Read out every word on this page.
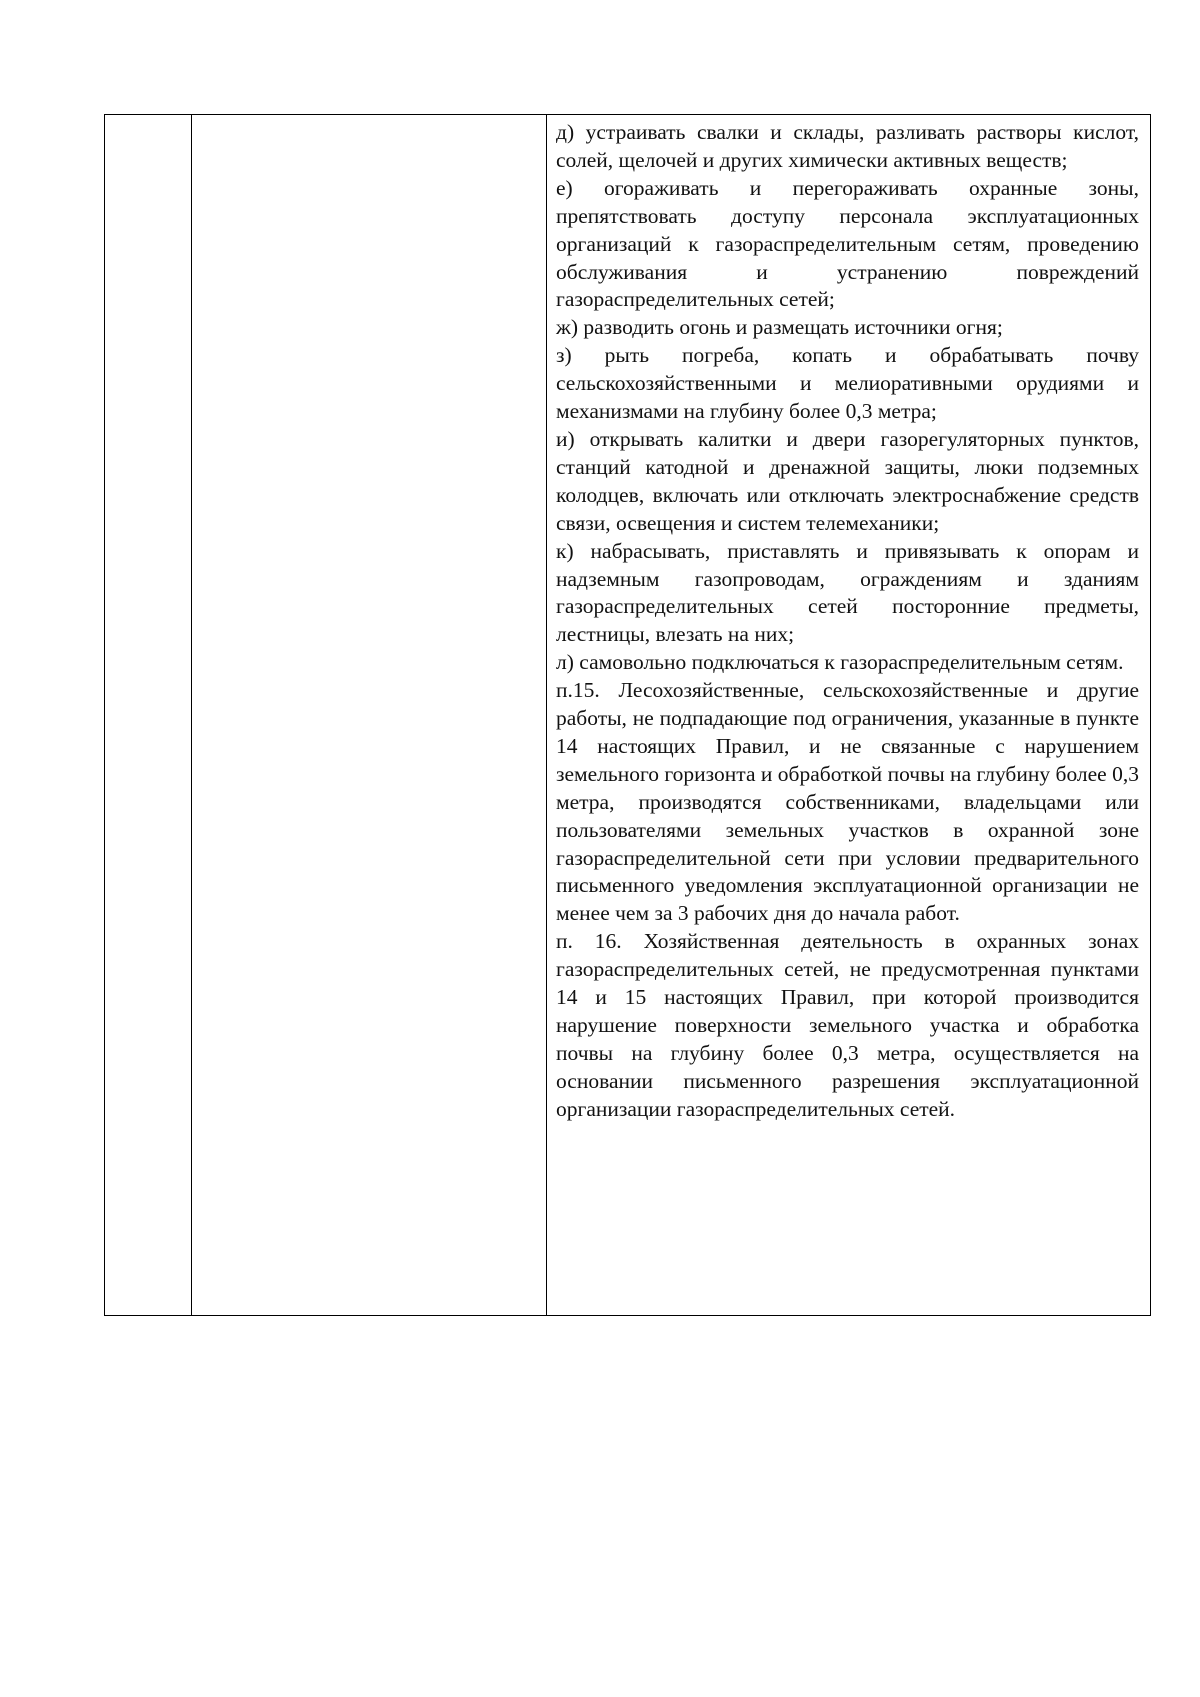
д) устраивать свалки и склады, разливать растворы кислот, солей, щелочей и других химически активных веществ;

е) огораживать и перегораживать охранные зоны, препятствовать доступу персонала эксплуатационных организаций к газораспределительным сетям, проведению обслуживания и устранению повреждений газораспределительных сетей;

ж) разводить огонь и размещать источники огня;

з) рыть погреба, копать и обрабатывать почву сельскохозяйственными и мелиоративными орудиями и механизмами на глубину более 0,3 метра;

и) открывать калитки и двери газорегуляторных пунктов, станций катодной и дренажной защиты, люки подземных колодцев, включать или отключать электроснабжение средств связи, освещения и систем телемеханики;

к) набрасывать, приставлять и привязывать к опорам и надземным газопроводам, ограждениям и зданиям газораспределительных сетей посторонние предметы, лестницы, влезать на них;

л) самовольно подключаться к газораспределительным сетям.

п.15. Лесохозяйственные, сельскохозяйственные и другие работы, не подпадающие под ограничения, указанные в пункте 14 настоящих Правил, и не связанные с нарушением земельного горизонта и обработкой почвы на глубину более 0,3 метра, производятся собственниками, владельцами или пользователями земельных участков в охранной зоне газораспределительной сети при условии предварительного письменного уведомления эксплуатационной организации не менее чем за 3 рабочих дня до начала работ.

п. 16. Хозяйственная деятельность в охранных зонах газораспределительных сетей, не предусмотренная пунктами 14 и 15 настоящих Правил, при которой производится нарушение поверхности земельного участка и обработка почвы на глубину более 0,3 метра, осуществляется на основании письменного разрешения эксплуатационной организации газораспределительных сетей.
